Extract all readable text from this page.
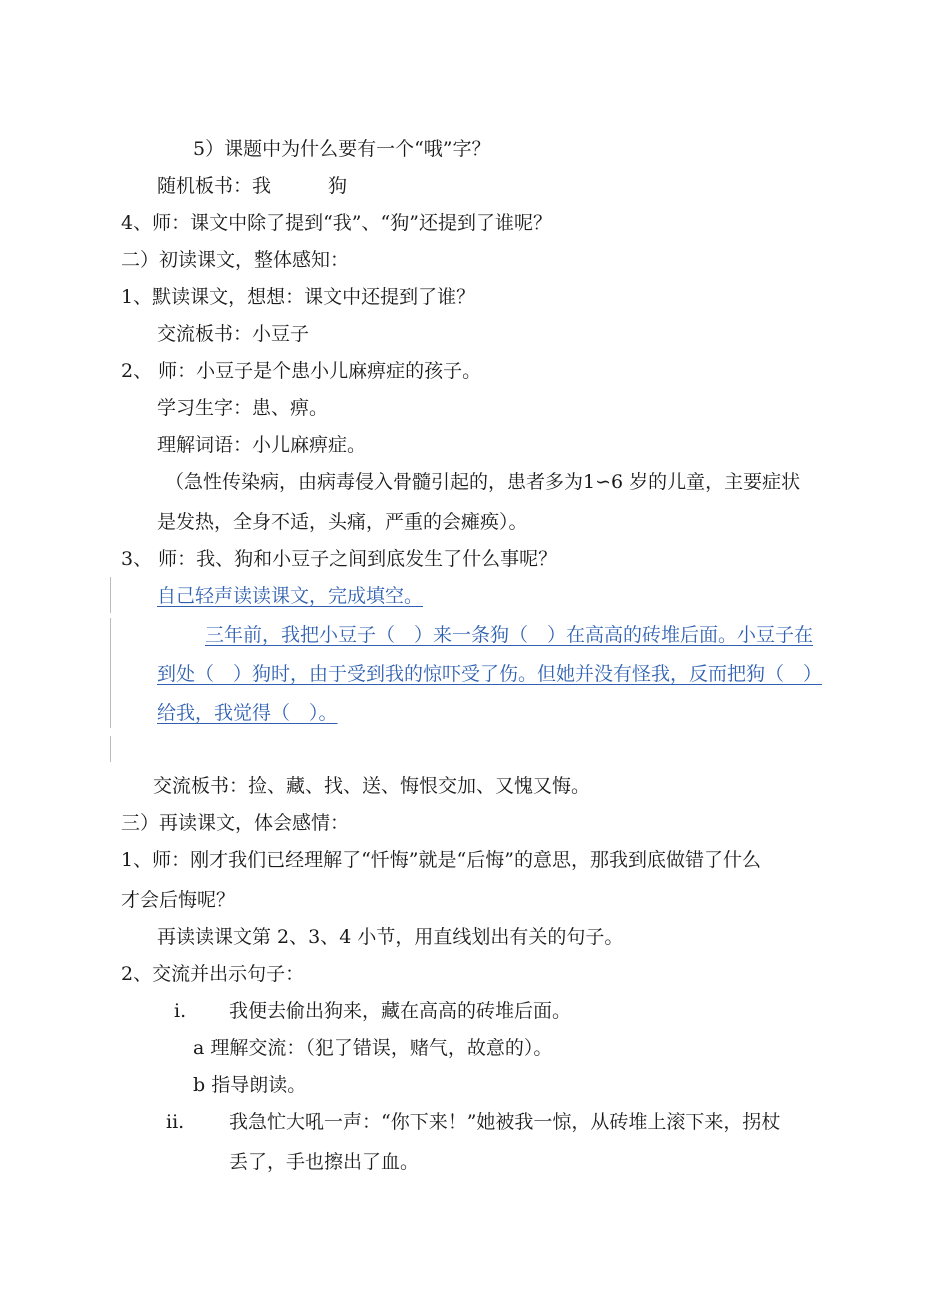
5）课题中为什么要有一个“哦”字？
随机板书：我　　　狗
4、师：课文中除了提到“我”、“狗”还提到了谁呢？
二）初读课文，整体感知：
1、默读课文，想想：课文中还提到了谁？
交流板书：小豆子
2、 师：小豆子是个患小儿麻痹症的孩子。
学习生字：患、痹。
理解词语：小儿麻痹症。
（急性传染病，由病毒侵入骨髓引起的，患者多为1∽6 岁的儿童，主要症状
是发热，全身不适，头痛，严重的会瘫痪）。
3、 师：我、狗和小豆子之间到底发生了什么事呢？
自己轻声读读课文，完成填空。
三年前，我把小豆子（　）来一条狗（　）在高高的砖堆后面。小豆子在
到处（　）狗时，由于受到我的惊吓受了伤。但她并没有怪我，反而把狗（　）
给我，我觉得（　）。
交流板书：捡、藏、找、送、悔恨交加、又愧又悔。
三）再读课文，体会感情：
1、师：刚才我们已经理解了“忏悔”就是“后悔”的意思，那我到底做错了什么
才会后悔呢？
再读读课文第 2、3、4 小节，用直线划出有关的句子。
2、交流并出示句子：
i. 我便去偷出狗来，藏在高高的砖堆后面。
a 理解交流：（犯了错误，赌气，故意的）。
b 指导朗读。
ii. 我急忙大吼一声：“你下来！”她被我一惊，从砖堆上滚下来，拐杖
丢了，手也擦出了血。
